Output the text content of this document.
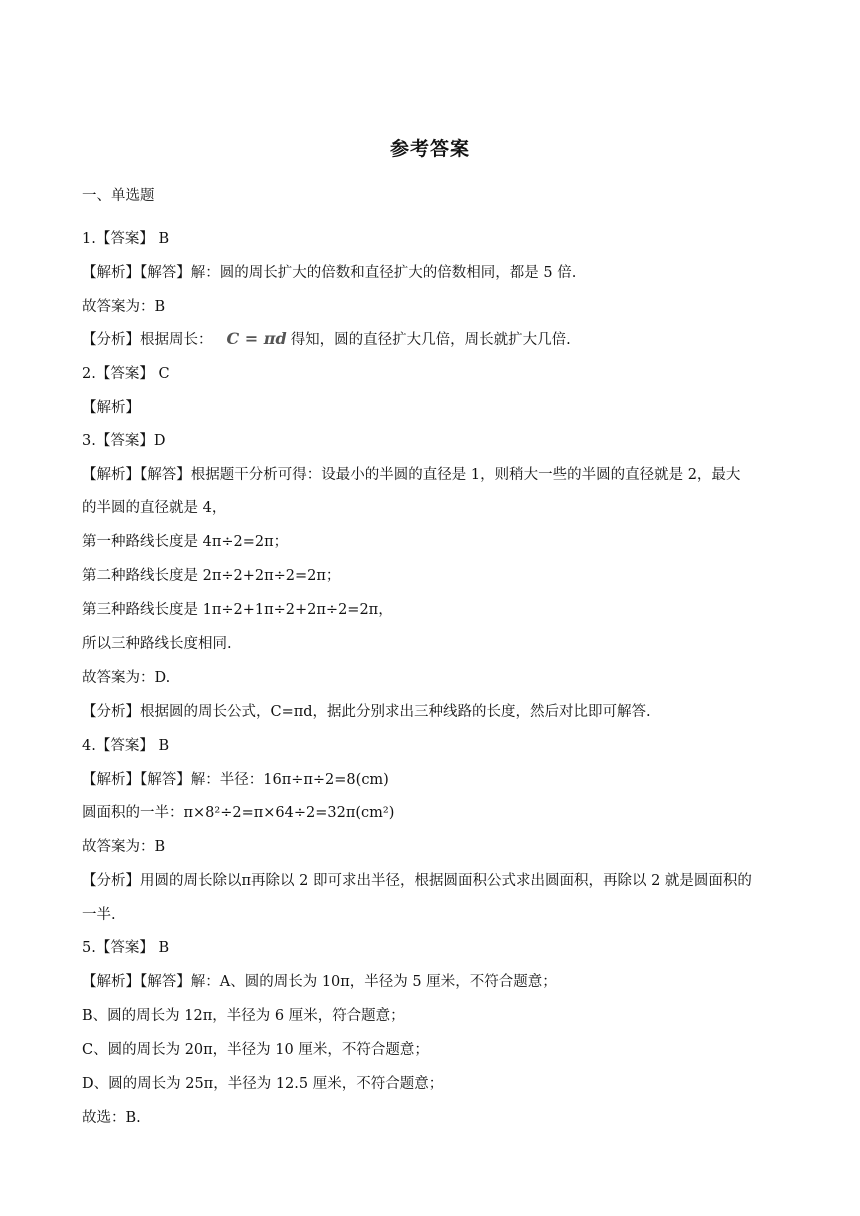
参考答案
一、单选题
1.【答案】 B
【解析】【解答】解：圆的周长扩大的倍数和直径扩大的倍数相同，都是 5 倍.
故答案为：B
【分析】根据周长： C = πd 得知，圆的直径扩大几倍，周长就扩大几倍.
2.【答案】 C
【解析】
3.【答案】D
【解析】【解答】根据题干分析可得：设最小的半圆的直径是 1，则稍大一些的半圆的直径就是 2，最大
的半圆的直径就是 4，
第一种路线长度是 4π÷2=2π；
第二种路线长度是 2π÷2+2π÷2=2π；
第三种路线长度是 1π÷2+1π÷2+2π÷2=2π，
所以三种路线长度相同.
故答案为：D.
【分析】根据圆的周长公式，C=πd，据此分别求出三种线路的长度，然后对比即可解答.
4.【答案】 B
【解析】【解答】解：半径：16π÷π÷2=8(cm)
圆面积的一半：π×8²÷2=π×64÷2=32π(cm²)
故答案为：B
【分析】用圆的周长除以π再除以 2 即可求出半径，根据圆面积公式求出圆面积，再除以 2 就是圆面积的
一半.
5.【答案】 B
【解析】【解答】解：A、圆的周长为 10π，半径为 5 厘米，不符合题意；
B、圆的周长为 12π，半径为 6 厘米，符合题意；
C、圆的周长为 20π，半径为 10 厘米，不符合题意；
D、圆的周长为 25π，半径为 12.5 厘米，不符合题意；
故选：B.
